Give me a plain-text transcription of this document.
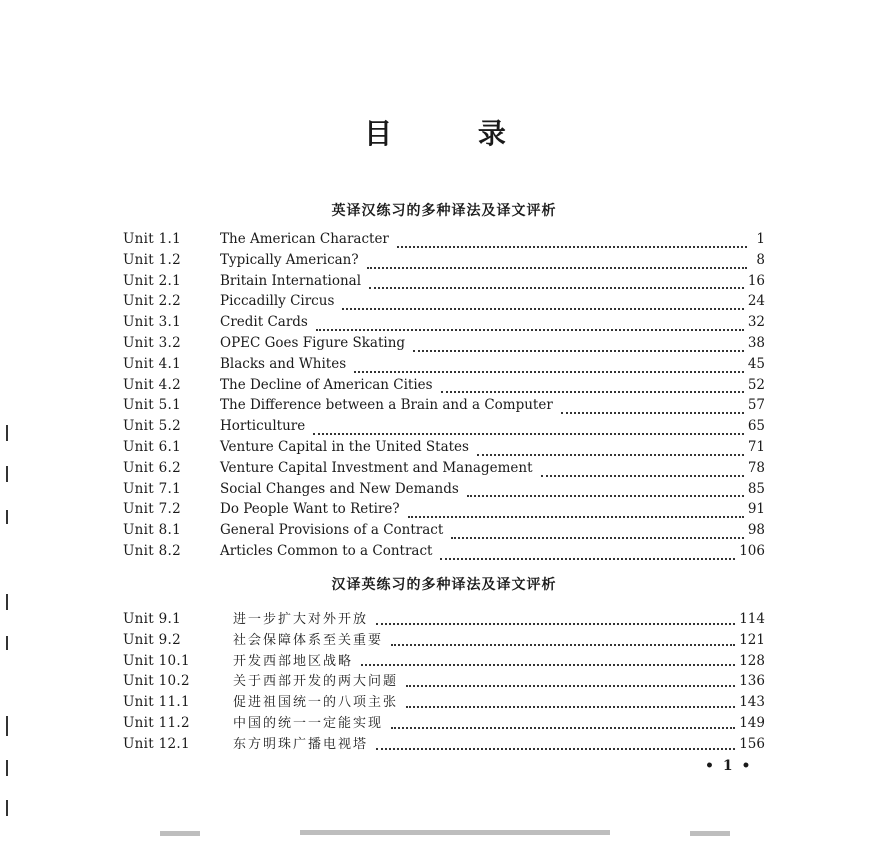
目 录
英译汉练习的多种译法及译文评析
Unit 1.1	The American Character	1
Unit 1.2	Typically American?	8
Unit 2.1	Britain International	16
Unit 2.2	Piccadilly Circus	24
Unit 3.1	Credit Cards	32
Unit 3.2	OPEC Goes Figure Skating	38
Unit 4.1	Blacks and Whites	45
Unit 4.2	The Decline of American Cities	52
Unit 5.1	The Difference between a Brain and a Computer	57
Unit 5.2	Horticulture	65
Unit 6.1	Venture Capital in the United States	71
Unit 6.2	Venture Capital Investment and Management	78
Unit 7.1	Social Changes and New Demands	85
Unit 7.2	Do People Want to Retire?	91
Unit 8.1	General Provisions of a Contract	98
Unit 8.2	Articles Common to a Contract	106
汉译英练习的多种译法及译文评析
Unit 9.1	进一步扩大对外开放	114
Unit 9.2	社会保障体系至关重要	121
Unit 10.1	开发西部地区战略	128
Unit 10.2	关于西部开发的两大问题	136
Unit 11.1	促进祖国统一的八项主张	143
Unit 11.2	中国的统一一定能实现	149
Unit 12.1	东方明珠广播电视塔	156
• 1 •
